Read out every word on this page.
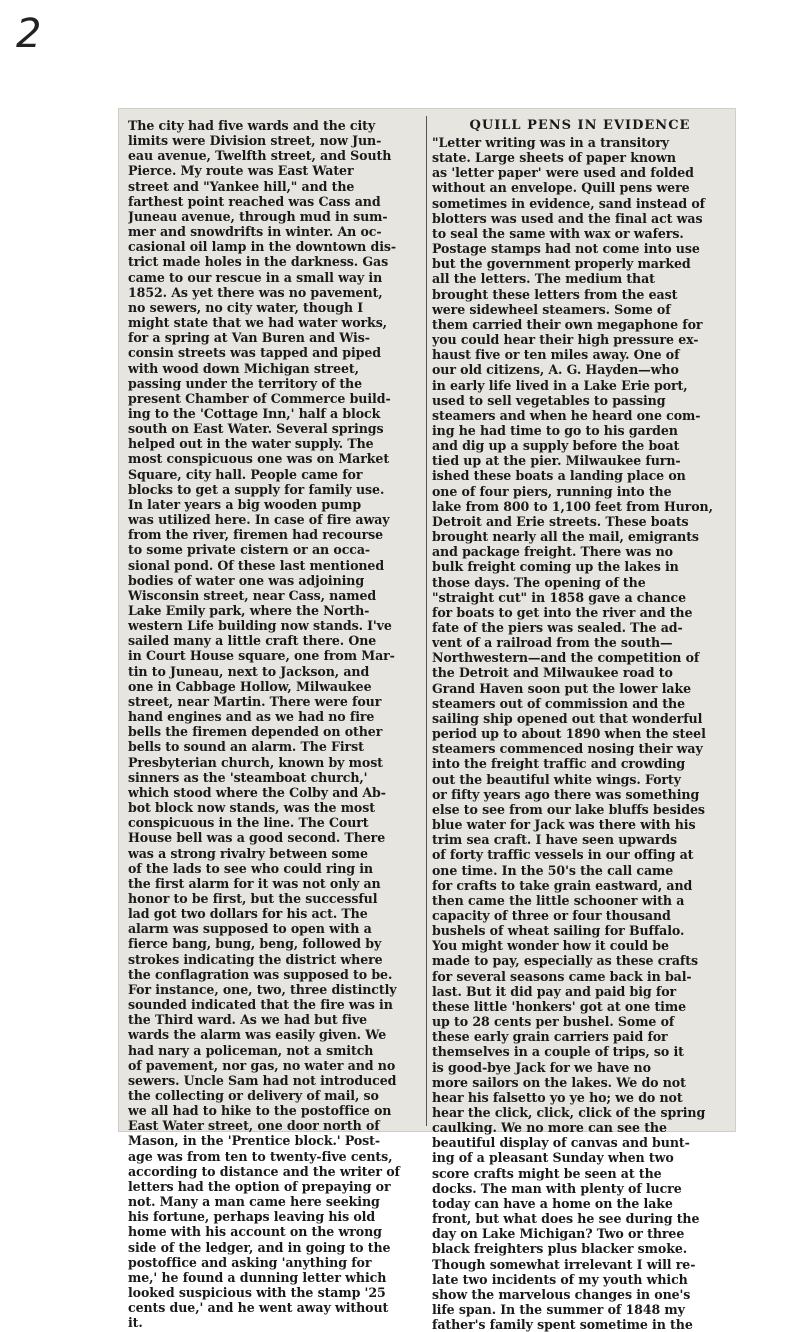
2
The city had five wards and the city
limits were Division street, now Jun-
eau avenue, Twelfth street, and South
Pierce. My route was East Water
street and "Yankee hill," and the
farthest point reached was Cass and
Juneau avenue, through mud in sum-
mer and snowdrifts in winter. An oc-
casional oil lamp in the downtown dis-
trict made holes in the darkness. Gas
came to our rescue in a small way in
1852. As yet there was no pavement,
no sewers, no city water, though I
might state that we had water works,
for a spring at Van Buren and Wis-
consin streets was tapped and piped
with wood down Michigan street,
passing under the territory of the
present Chamber of Commerce build-
ing to the 'Cottage Inn,' half a block
south on East Water. Several springs
helped out in the water supply. The
most conspicuous one was on Market
Square, city hall. People came for
blocks to get a supply for family use.
In later years a big wooden pump
was utilized here. In case of fire away
from the river, firemen had recourse
to some private cistern or an occa-
sional pond. Of these last mentioned
bodies of water one was adjoining
Wisconsin street, near Cass, named
Lake Emily park, where the North-
western Life building now stands. I've
sailed many a little craft there. One
in Court House square, one from Mar-
tin to Juneau, next to Jackson, and
one in Cabbage Hollow, Milwaukee
street, near Martin. There were four
hand engines and as we had no fire
bells the firemen depended on other
bells to sound an alarm. The First
Presbyterian church, known by most
sinners as the 'steamboat church,'
which stood where the Colby and Ab-
bot block now stands, was the most
conspicuous in the line. The Court
House bell was a good second. There
was a strong rivalry between some
of the lads to see who could ring in
the first alarm for it was not only an
honor to be first, but the successful
lad got two dollars for his act. The
alarm was supposed to open with a
fierce bang, bung, beng, followed by
strokes indicating the district where
the conflagration was supposed to be.
For instance, one, two, three distinctly
sounded indicated that the fire was in
the Third ward. As we had but five
wards the alarm was easily given. We
had nary a policeman, not a smitch
of pavement, nor gas, no water and no
sewers. Uncle Sam had not introduced
the collecting or delivery of mail, so
we all had to hike to the postoffice on
East Water street, one door north of
Mason, in the 'Prentice block.' Post-
age was from ten to twenty-five cents,
according to distance and the writer of
letters had the option of prepaying or
not. Many a man came here seeking
his fortune, perhaps leaving his old
home with his account on the wrong
side of the ledger, and in going to the
postoffice and asking 'anything for
me,' he found a dunning letter which
looked suspicious with the stamp '25
cents due,' and he went away without
it.
QUILL PENS IN EVIDENCE
"Letter writing was in a transitory
state. Large sheets of paper known
as 'letter paper' were used and folded
without an envelope. Quill pens were
sometimes in evidence, sand instead of
blotters was used and the final act was
to seal the same with wax or wafers.
Postage stamps had not come into use
but the government properly marked
all the letters. The medium that
brought these letters from the east
were sidewheel steamers. Some of
them carried their own megaphone for
you could hear their high pressure ex-
haust five or ten miles away. One of
our old citizens, A. G. Hayden—who
in early life lived in a Lake Erie port,
used to sell vegetables to passing
steamers and when he heard one com-
ing he had time to go to his garden
and dig up a supply before the boat
tied up at the pier. Milwaukee furn-
ished these boats a landing place on
one of four piers, running into the
lake from 800 to 1,100 feet from Huron,
Detroit and Erie streets. These boats
brought nearly all the mail, emigrants
and package freight. There was no
bulk freight coming up the lakes in
those days. The opening of the
"straight cut" in 1858 gave a chance
for boats to get into the river and the
fate of the piers was sealed. The ad-
vent of a railroad from the south—
Northwestern—and the competition of
the Detroit and Milwaukee road to
Grand Haven soon put the lower lake
steamers out of commission and the
sailing ship opened out that wonderful
period up to about 1890 when the steel
steamers commenced nosing their way
into the freight traffic and crowding
out the beautiful white wings. Forty
or fifty years ago there was something
else to see from our lake bluffs besides
blue water for Jack was there with his
trim sea craft. I have seen upwards
of forty traffic vessels in our offing at
one time. In the 50's the call came
for crafts to take grain eastward, and
then came the little schooner with a
capacity of three or four thousand
bushels of wheat sailing for Buffalo.
You might wonder how it could be
made to pay, especially as these crafts
for several seasons came back in bal-
last. But it did pay and paid big for
these little 'honkers' got at one time
up to 28 cents per bushel. Some of
these early grain carriers paid for
themselves in a couple of trips, so it
is good-bye Jack for we have no
more sailors on the lakes. We do not
hear his falsetto yo ye ho; we do not
hear the click, click, click of the spring
caulking. We no more can see the
beautiful display of canvas and bunt-
ing of a pleasant Sunday when two
score crafts might be seen at the
docks. The man with plenty of lucre
today can have a home on the lake
front, but what does he see during the
day on Lake Michigan? Two or three
black freighters plus blacker smoke.
Though somewhat irrelevant I will re-
late two incidents of my youth which
show the marvelous changes in one's
life span. In the summer of 1848 my
father's family spent sometime in the
